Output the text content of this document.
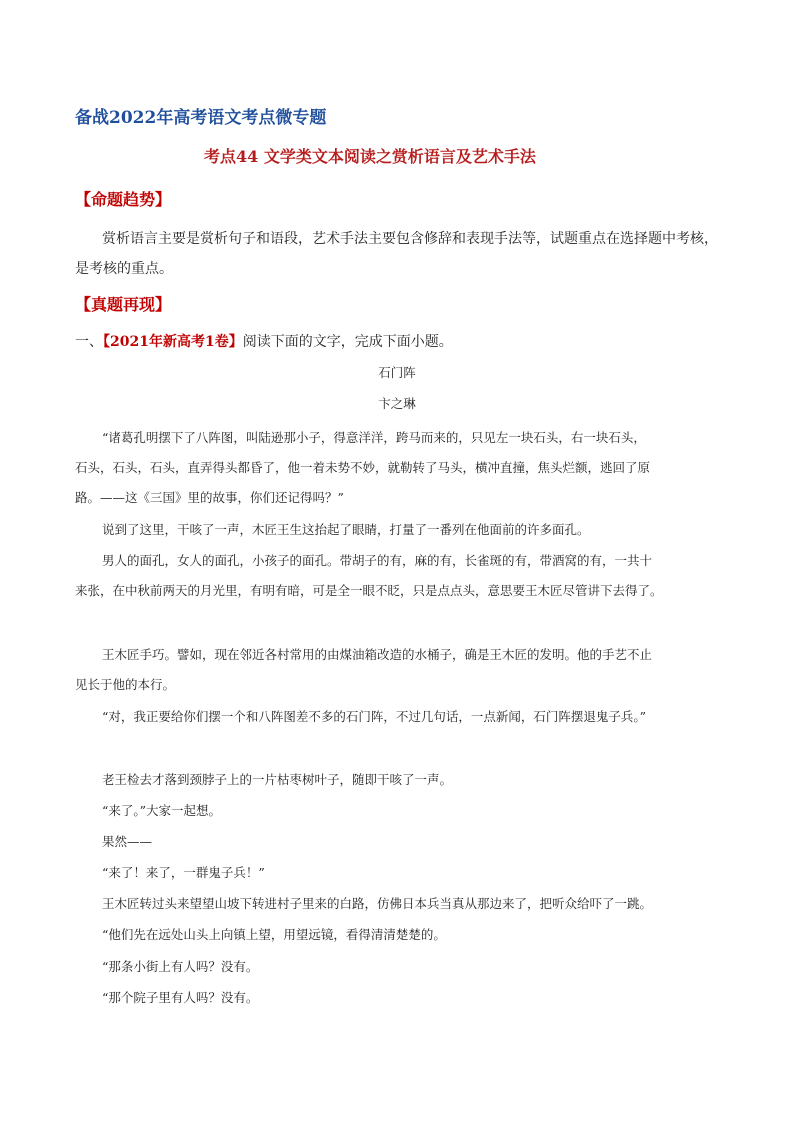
备战2022年高考语文考点微专题
考点44 文学类文本阅读之赏析语言及艺术手法
【命题趋势】
赏析语言主要是赏析句子和语段，艺术手法主要包含修辞和表现手法等，试题重点在选择题中考核，
是考核的重点。
【真题再现】
一、【2021年新高考1卷】阅读下面的文字，完成下面小题。
石门阵
卞之琳
“诸葛孔明摆下了八阵图，叫陆逊那小子，得意洋洋，跨马而来的，只见左一块石头，右一块石头，
石头，石头，石头，直弄得头都昏了，他一着未势不妙，就勒转了马头，横冲直撞，焦头烂额，逃回了原
路。——这《三国》里的故事，你们还记得吗？”
说到了这里，干咳了一声，木匠王生这抬起了眼睛，打量了一番列在他面前的许多面孔。
男人的面孔，女人的面孔，小孩子的面孔。带胡子的有，麻的有，长雀斑的有，带酒窝的有，一共十
来张，在中秋前两天的月光里，有明有暗，可是全一眼不眨，只是点点头，意思要王木匠尽管讲下去得了。
王木匠手巧。譬如，现在邻近各村常用的由煤油箱改造的水桶子，确是王木匠的发明。他的手艺不止
见长于他的本行。
“对，我正要给你们摆一个和八阵图差不多的石门阵，不过几句话，一点新闻，石门阵摆退鬼子兵。”
老王检去才落到颈脖子上的一片枯枣树叶子，随即干咳了一声。
“来了。”大家一起想。
果然——
“来了！来了，一群鬼子兵！”
王木匠转过头来望望山坡下转进村子里来的白路，仿佛日本兵当真从那边来了，把听众给吓了一跳。
“他们先在远处山头上向镇上望，用望远镜，看得清清楚楚的。
“那条小街上有人吗？没有。
“那个院子里有人吗？没有。
